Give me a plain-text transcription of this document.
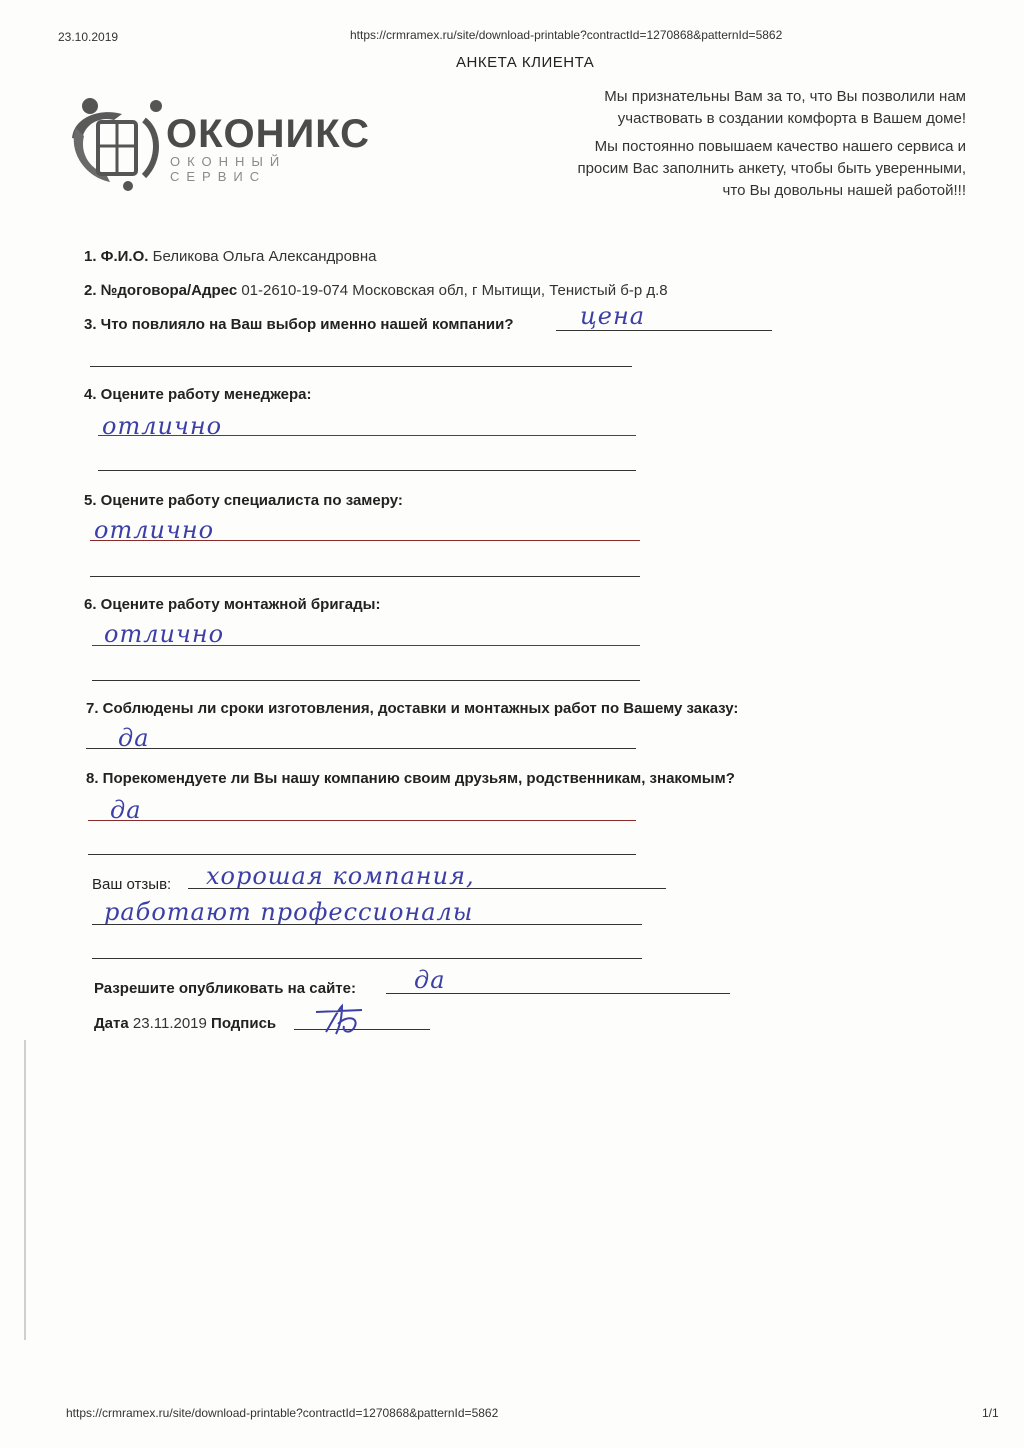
23.10.2019	https://crmramex.ru/site/download-printable?contractId=1270868&patternId=5862
АНКЕТА КЛИЕНТА
ОКОНИКС
ОКОННЫЙ СЕРВИС

Мы признательны Вам за то, что Вы позволили нам
участвовать в создании комфорта в Вашем доме!

Мы постоянно повышаем качество нашего сервиса и
просим Вас заполнить анкету, чтобы быть уверенными,
что Вы довольны нашей работой!!!

1. Ф.И.О. Беликова Ольга Александровна
2. №договора/Адрес 01-2610-19-074 Московская обл, г Мытищи, Тенистый б-р д.8
3. Что повлияло на Ваш выбор именно нашей компании?	цена
4. Оцените работу менеджера:
отлично
5. Оцените работу специалиста по замеру:
отлично
6. Оцените работу монтажной бригады:
отлично
7. Соблюдены ли сроки изготовления, доставки и монтажных работ по Вашему заказу:
да
8. Порекомендуете ли Вы нашу компанию своим друзьям, родственникам, знакомым?
да
Ваш отзыв: хорошая компания,
работают профессионалы
Разрешите опубликовать на сайте: да
Дата 23.11.2019 Подпись
https://crmramex.ru/site/download-printable?contractId=1270868&patternId=5862	1/1
